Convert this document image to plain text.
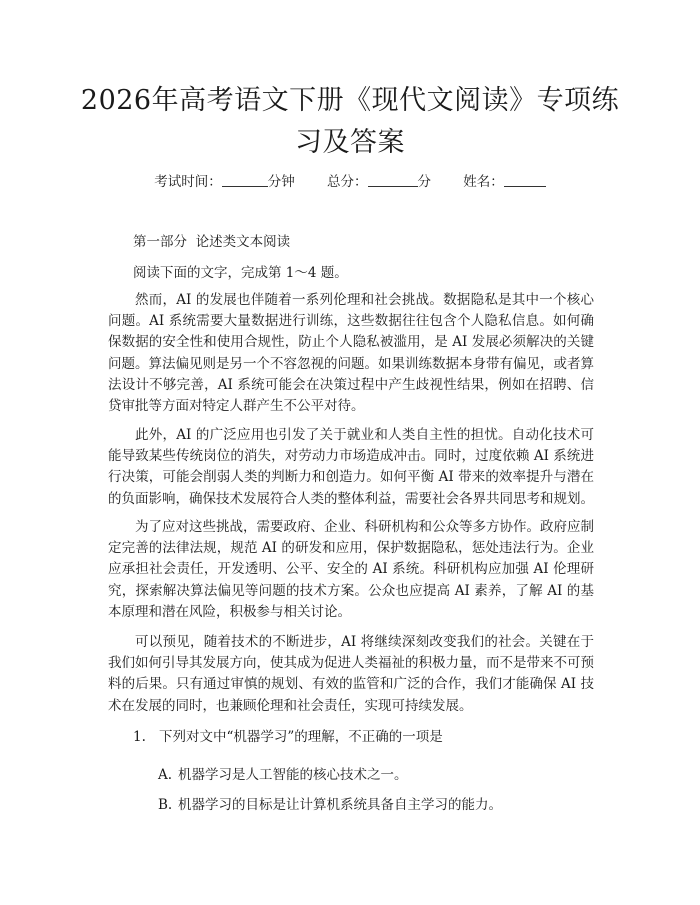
2026年高考语文下册《现代文阅读》专项练习及答案
考试时间：	分钟 总分：	分 姓名：
第一部分  论述类文本阅读
阅读下面的文字，完成第 1～4 题。

然而，AI 的发展也伴随着一系列伦理和社会挑战。数据隐私是其中一个核心问题。AI 系统需要大量数据进行训练，这些数据往往包含个人隐私信息。如何确保数据的安全性和使用合规性，防止个人隐私被滥用，是 AI 发展必须解决的关键问题。算法偏见则是另一个不容忽视的问题。如果训练数据本身带有偏见，或者算法设计不够完善，AI 系统可能会在决策过程中产生歧视性结果，例如在招聘、信贷审批等方面对特定人群产生不公平对待。

此外，AI 的广泛应用也引发了关于就业和人类自主性的担忧。自动化技术可能导致某些传统岗位的消失，对劳动力市场造成冲击。同时，过度依赖 AI 系统进行决策，可能会削弱人类的判断力和创造力。如何平衡 AI 带来的效率提升与潜在的负面影响，确保技术发展符合人类的整体利益，需要社会各界共同思考和规划。

为了应对这些挑战，需要政府、企业、科研机构和公众等多方协作。政府应制定完善的法律法规，规范 AI 的研发和应用，保护数据隐私，惩处违法行为。企业应承担社会责任，开发透明、公平、安全的 AI 系统。科研机构应加强 AI 伦理研究，探索解决算法偏见等问题的技术方案。公众也应提高 AI 素养，了解 AI 的基本原理和潜在风险，积极参与相关讨论。

可以预见，随着技术的不断进步，AI 将继续深刻改变我们的社会。关键在于我们如何引导其发展方向，使其成为促进人类福祉的积极力量，而不是带来不可预料的后果。只有通过审慎的规划、有效的监管和广泛的合作，我们才能确保 AI 技术在发展的同时，也兼顾伦理和社会责任，实现可持续发展。

1. 下列对文中“机器学习”的理解，不正确的一项是
A. 机器学习是人工智能的核心技术之一。
B. 机器学习的目标是让计算机系统具备自主学习的能力。
